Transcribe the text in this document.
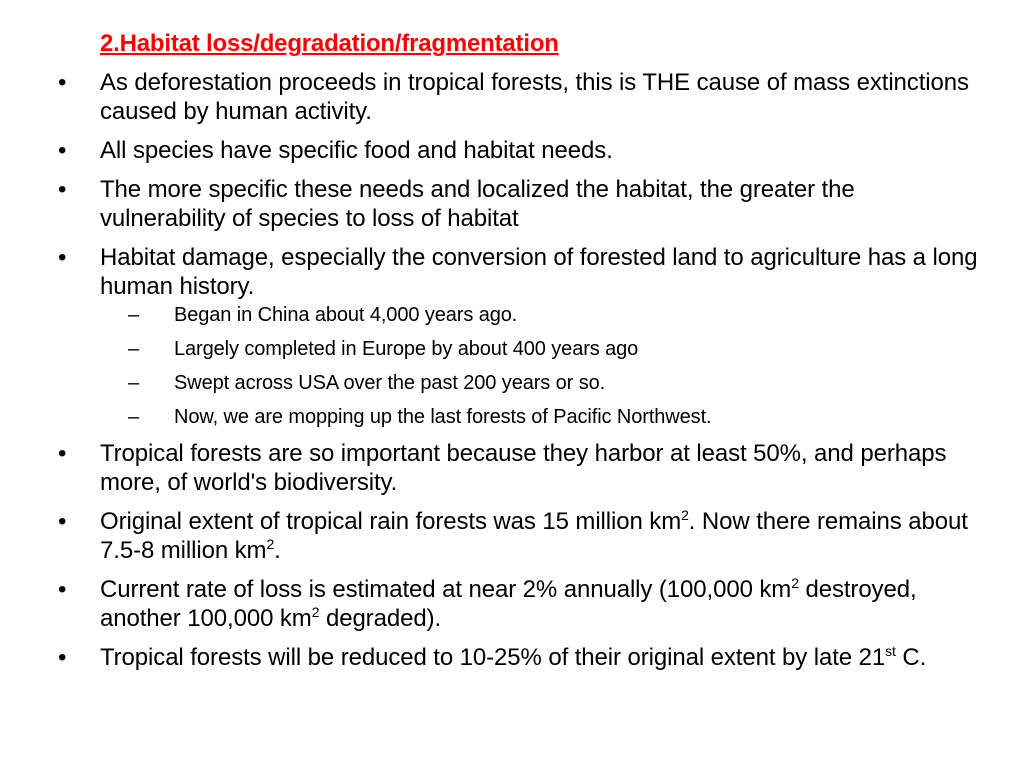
2.Habitat loss/degradation/fragmentation
• As deforestation proceeds in tropical forests, this is THE cause of mass extinctions caused by human activity.
• All species have specific food and habitat needs.
• The more specific these needs and localized the habitat, the greater the vulnerability of species to loss of habitat
• Habitat damage, especially the conversion of forested land to agriculture has a long human history.
– Began in China about 4,000 years ago.
– Largely completed in Europe by about 400 years ago
– Swept across USA over the past 200 years or so.
– Now, we are mopping up the last forests of Pacific Northwest.
• Tropical forests are so important because they harbor at least 50%, and perhaps more, of world's biodiversity.
• Original extent of tropical rain forests was 15 million $km^2$. Now there remains about 7.5-8 million $km^2$.
• Current rate of loss is estimated at near 2% annually (100,000 $km^2$ destroyed, another 100,000 $km^2$ degraded).
• Tropical forests will be reduced to 10-25% of their original extent by late 21st C.
